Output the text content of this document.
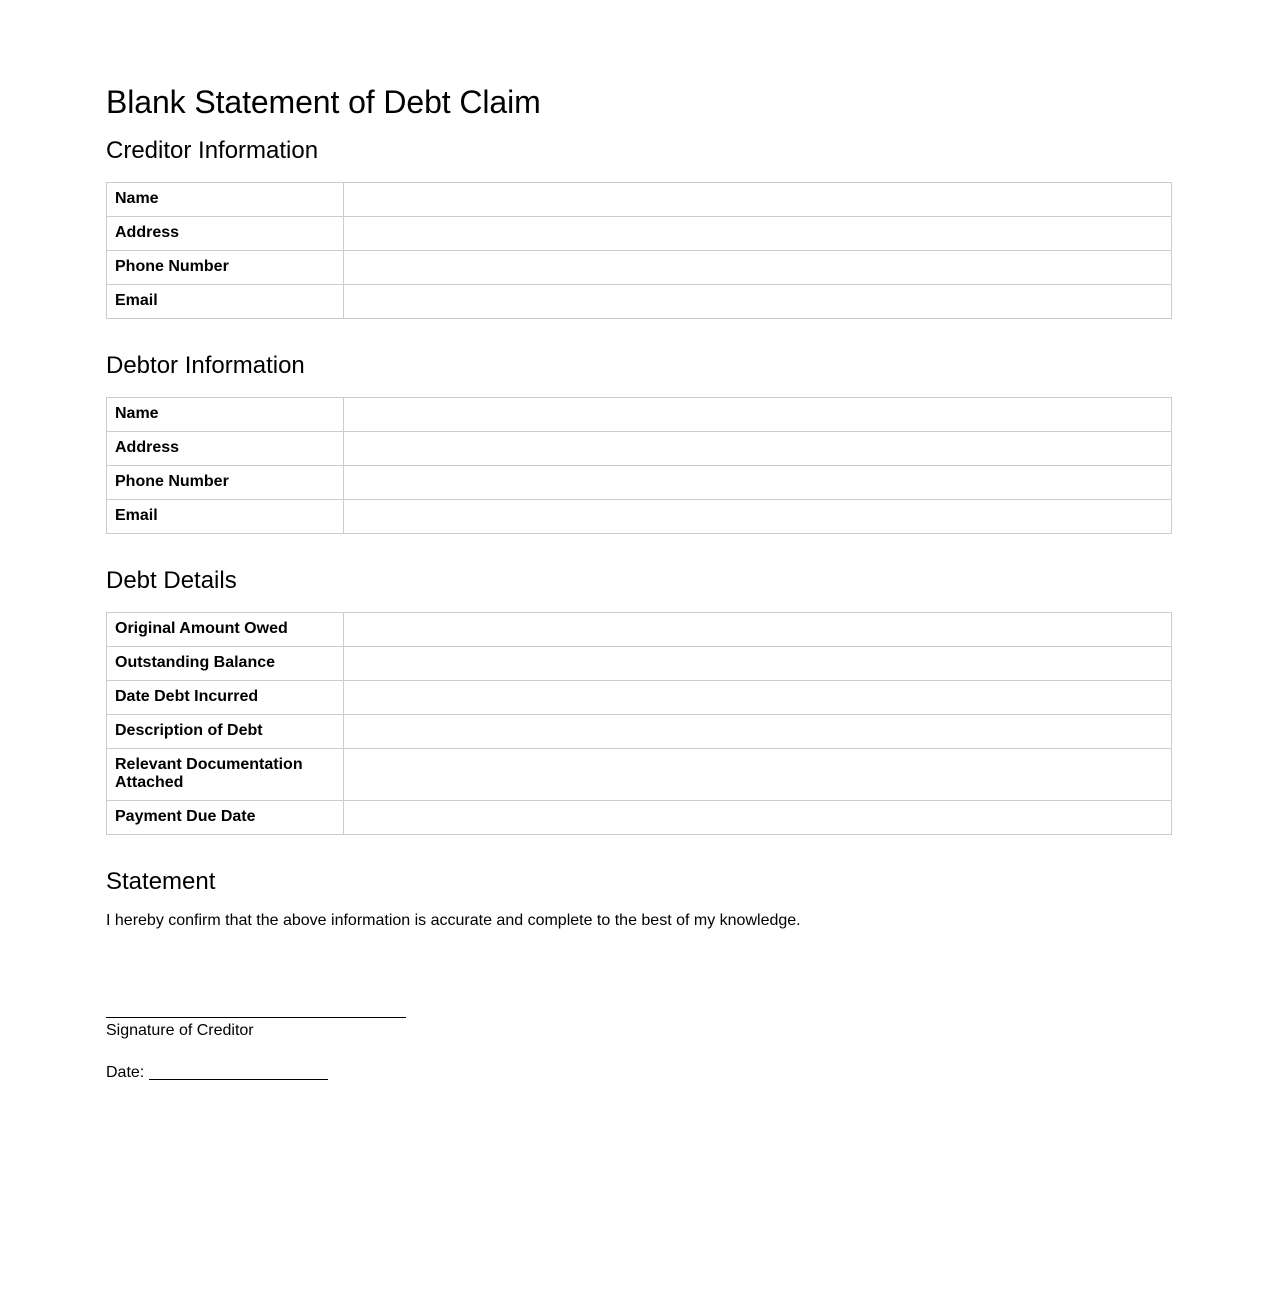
Blank Statement of Debt Claim
Creditor Information
Name	
Address	
Phone Number	
Email	
Debtor Information
Name	
Address	
Phone Number	
Email	
Debt Details
Original Amount Owed	
Outstanding Balance	
Date Debt Incurred	
Description of Debt	
Relevant Documentation Attached	
Payment Due Date	
Statement
I hereby confirm that the above information is accurate and complete to the best of my knowledge.
Signature of Creditor
Date:
